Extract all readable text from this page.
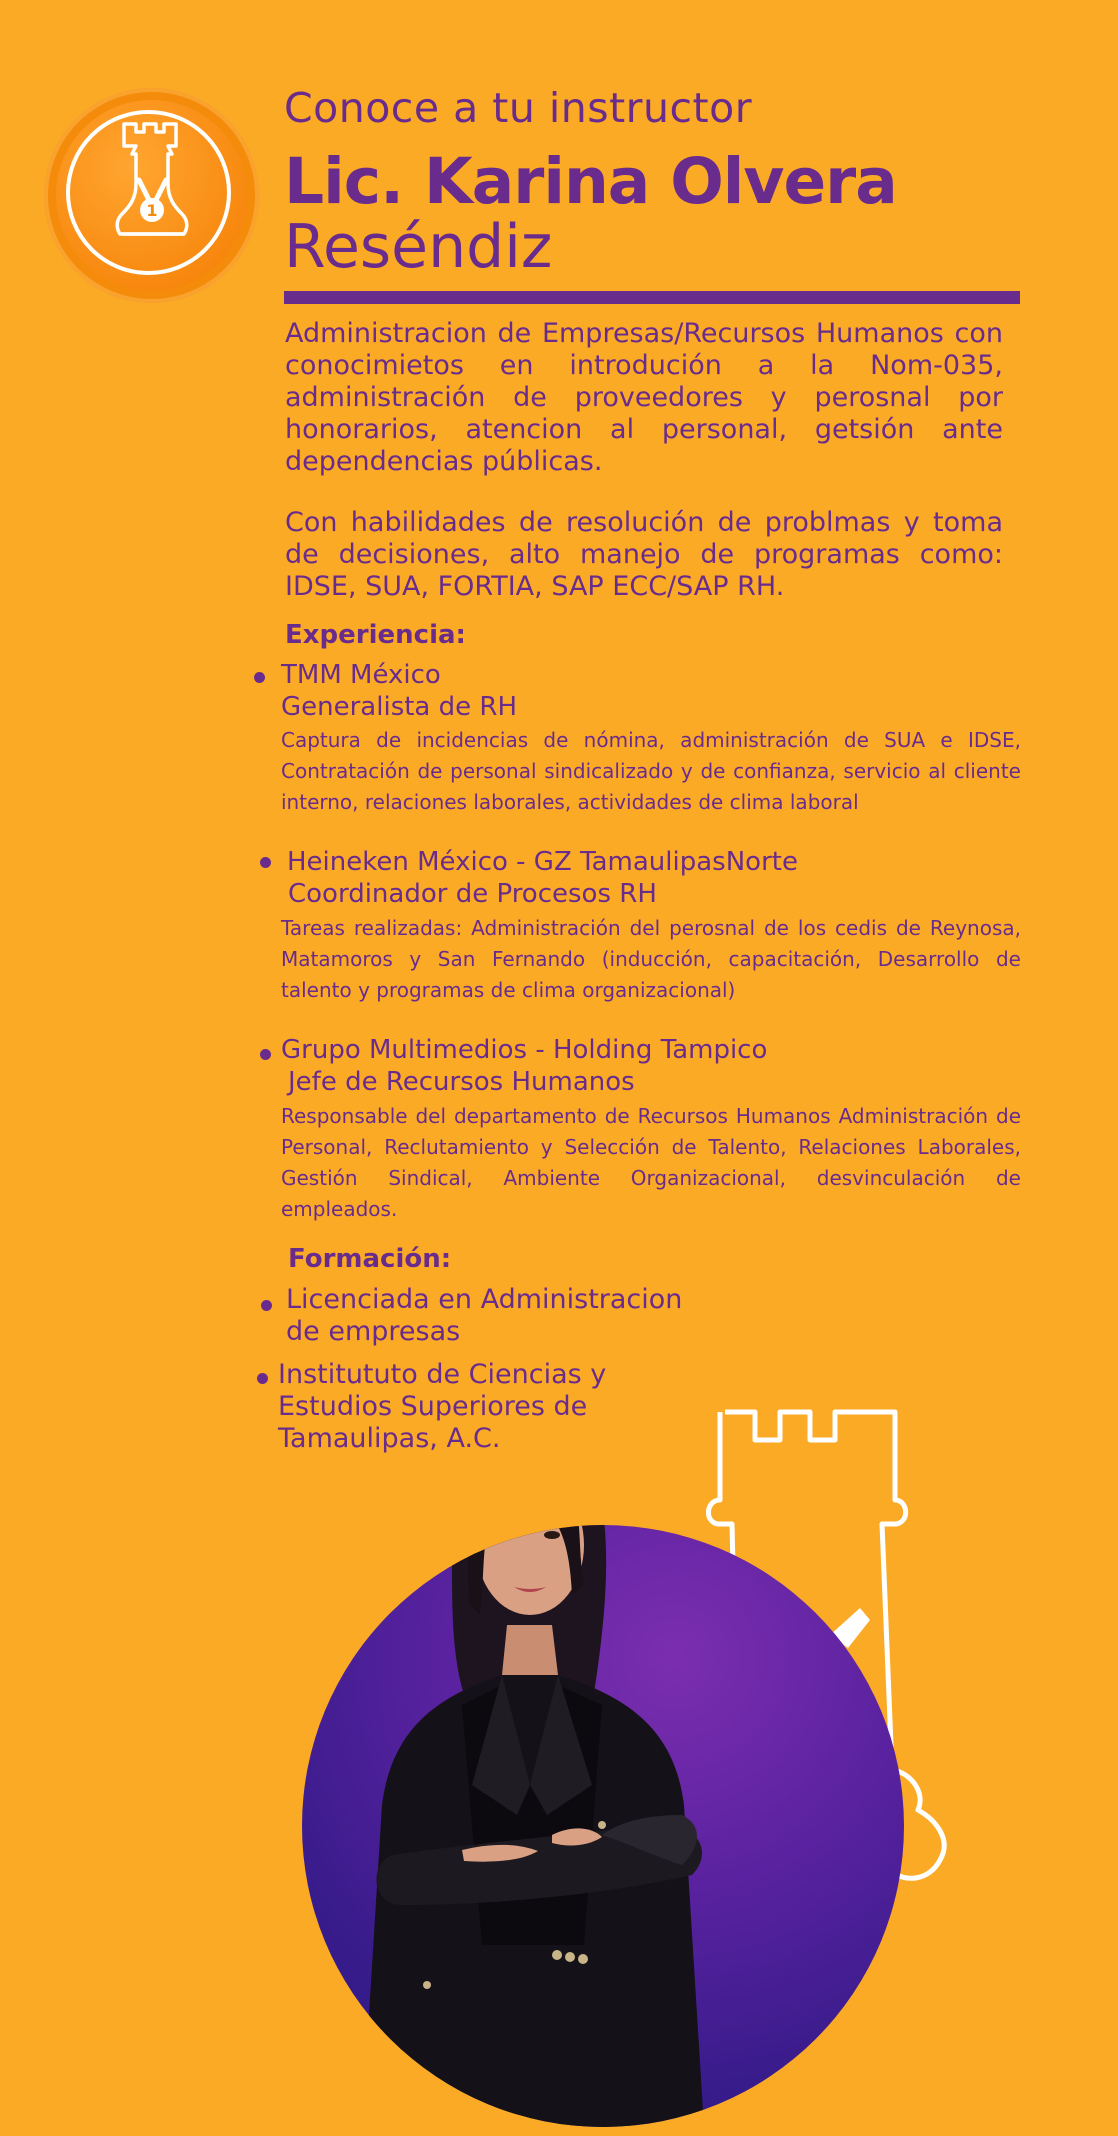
1
Conoce a tu instructor
Lic. Karina Olvera
Reséndiz
Administracion de Empresas/Recursos Humanos con conocimietos en introdución a la Nom-035, administración de proveedores y perosnal por honorarios, atencion al personal, getsión ante dependencias públicas.
Con habilidades de resolución de problmas y toma de decisiones, alto manejo de programas como: IDSE, SUA, FORTIA, SAP ECC/SAP RH.
Experiencia:
TMM México
Generalista de RH
Captura de incidencias de nómina, administración de SUA e IDSE, Contratación de personal sindicalizado y de confianza, servicio al cliente interno, relaciones laborales, actividades de clima laboral
Heineken México - GZ TamaulipasNorte
Coordinador de Procesos RH
Tareas realizadas: Administración del perosnal de los cedis de Reynosa, Matamoros y San Fernando (inducción, capacitación, Desarrollo de talento y programas de clima organizacional)
Grupo Multimedios - Holding Tampico
Jefe de Recursos Humanos
Responsable del departamento de Recursos Humanos Administración de Personal, Reclutamiento y Selección de Talento, Relaciones Laborales, Gestión Sindical, Ambiente Organizacional, desvinculación de empleados.
Formación:
Licenciada en Administracion
de empresas
Institututo de Ciencias y
Estudios Superiores de
Tamaulipas, A.C.
